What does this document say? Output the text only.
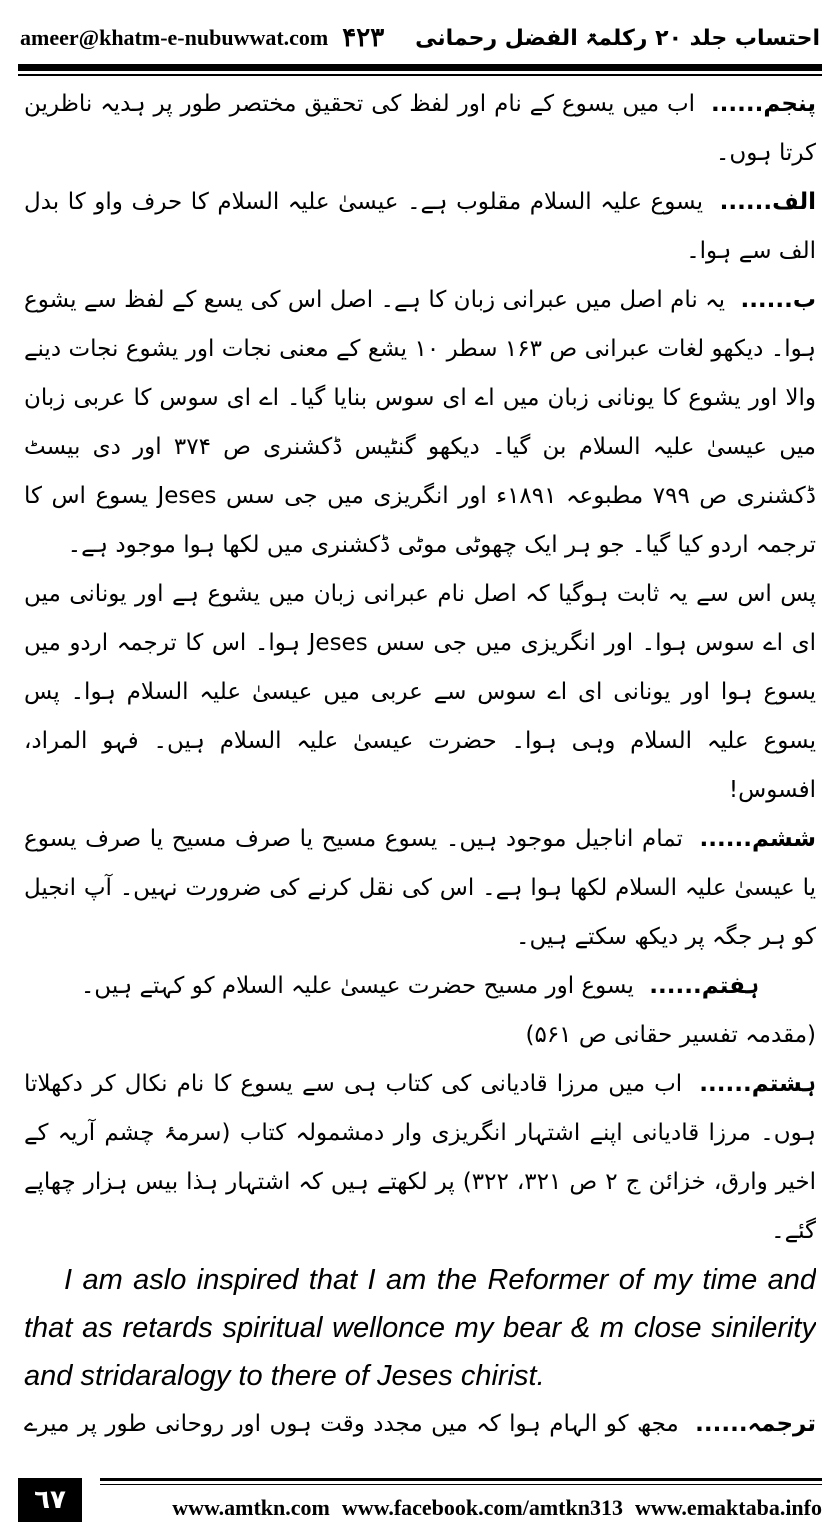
ameer@khatm-e-nubuwwat.com ۴۲۳ احتساب جلد ۲۰ رکلمۃ الفضل رحمانی

پنجم...... اب میں یسوع کے نام اور لفظ کی تحقیق مختصر طور پر ہدیہ ناظرین کرتا ہوں۔

الف...... یسوع علیہ السلام مقلوب ہے۔ عیسیٰ علیہ السلام کا حرف واو کا بدل الف سے ہوا۔

ب...... یہ نام اصل میں عبرانی زبان کا ہے۔ اصل اس کی یسع کے لفظ سے یشوع ہوا۔ دیکھو لغات عبرانی ص ۱۶۳ سطر ۱۰ یشع کے معنی نجات اور یشوع نجات دینے والا اور یشوع کا یونانی زبان میں اے ای سوس بنایا گیا۔ اے ای سوس کا عربی زبان میں عیسیٰ علیہ السلام بن گیا۔ دیکھو گنٹیس ڈکشنری ص ۳۷۴ اور دی بیسٹ ڈکشنری ص ۷۹۹ مطبوعہ ۱۸۹۱ء اور انگریزی میں جی سس Jeses یسوع اس کا ترجمہ اردو کیا گیا۔ جو ہر ایک چھوٹی موٹی ڈکشنری میں لکھا ہوا موجود ہے۔

پس اس سے یہ ثابت ہوگیا کہ اصل نام عبرانی زبان میں یشوع ہے اور یونانی میں ای اے سوس ہوا۔ اور انگریزی میں جی سس Jeses ہوا۔ اس کا ترجمہ اردو میں یسوع ہوا اور یونانی ای اے سوس سے عربی میں عیسیٰ علیہ السلام ہوا۔ پس یسوع علیہ السلام وہی ہوا۔ حضرت عیسیٰ علیہ السلام ہیں۔ فہو المراد، افسوس!

ششم...... تمام اناجیل موجود ہیں۔ یسوع مسیح یا صرف مسیح یا صرف یسوع یا عیسیٰ علیہ السلام لکھا ہوا ہے۔ اس کی نقل کرنے کی ضرورت نہیں۔ آپ انجیل کو ہر جگہ پر دیکھ سکتے ہیں۔

ہفتم...... یسوع اور مسیح حضرت عیسیٰ علیہ السلام کو کہتے ہیں۔

(مقدمہ تفسیر حقانی ص ۵۶۱)

ہشتم...... اب میں مرزا قادیانی کی کتاب ہی سے یسوع کا نام نکال کر دکھلاتا ہوں۔ مرزا قادیانی اپنے اشتہار انگریزی وار دمشمولہ کتاب (سرمۂ چشم آریہ کے اخیر وارق، خزائن ج ۲ ص ۳۲۱، ۳۲۲) پر لکھتے ہیں کہ اشتہار ہذا بیس ہزار چھاپے گئے۔

I am aslo inspired that I am the Reformer of my time and that as retards spiritual wellonce my bear & m close sinilerity and stridaralogy to there of Jeses chirist.

ترجمہ...... مجھ کو الہام ہوا کہ میں مجدد وقت ہوں اور روحانی طور پر میرے

٦٧	www.amtkn.com www.facebook.com/amtkn313 www.emaktaba.info
